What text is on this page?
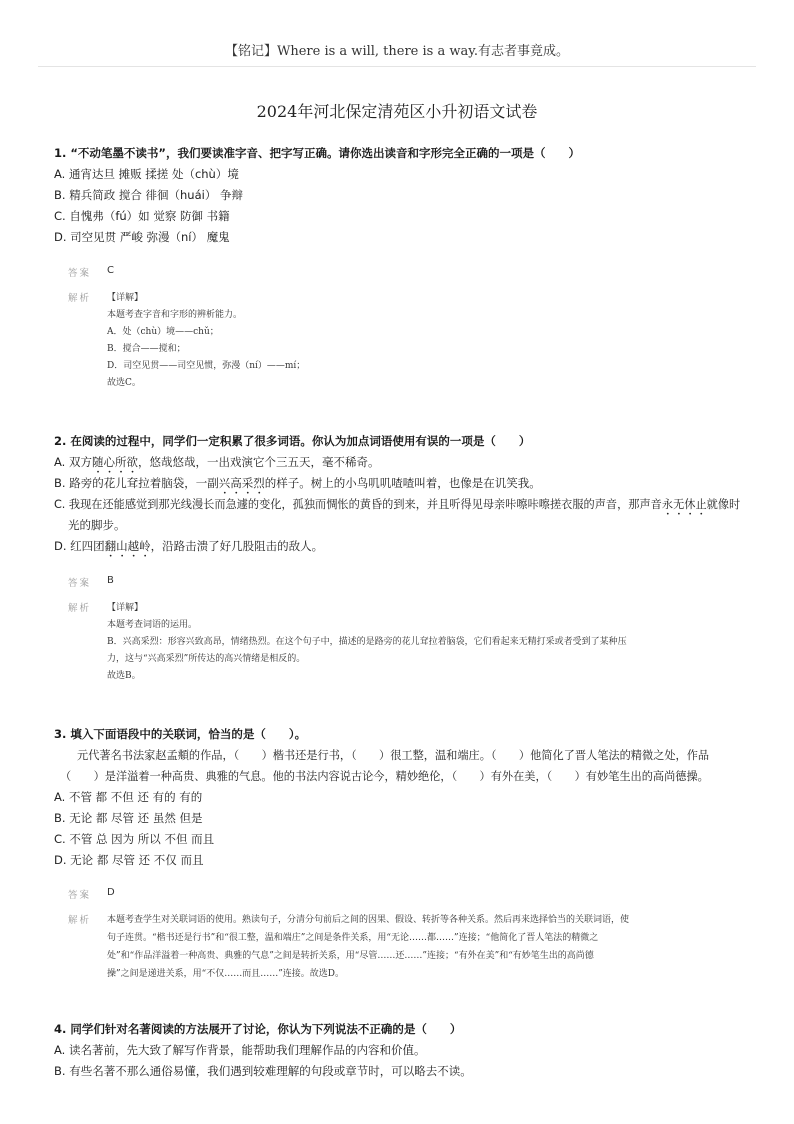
【铭记】Where is a will, there is a way.有志者事竟成。
2024年河北保定清苑区小升初语文试卷
1. “不动笔墨不读书”，我们要读准字音、把字写正确。请你选出读音和字形完全正确的一项是（　　）
A. 通宵达旦 摊贩 揉搓 处（chù）境
B. 精兵简政 搅合 徘徊（huái） 争辩
C. 自愧弗（fú）如 觉察 防御 书籍
D. 司空见贯 严峻 弥漫（ní） 魔鬼
答案 C
解析 【详解】
本题考查字音和字形的辨析能力。
A．处（chù）境——chǔ；
B．搅合——搅和；
D．司空见贯——司空见惯，弥漫（ní）——mí；
故选C。
2. 在阅读的过程中，同学们一定积累了很多词语。你认为加点词语使用有误的一项是（　　）
A. 双方随心所欲，悠哉悠哉，一出戏演它个三五天，毫不稀奇。
B. 路旁的花儿耷拉着脑袋，一副兴高采烈的样子。树上的小鸟叽叽喳喳叫着，也像是在讥笑我。
C. 我现在还能感觉到那光线漫长而急遽的变化，孤独而惆怅的黄昏的到来，并且听得见母亲咔嚓咔嚓搓衣服的声音，那声音永无休止就像时
光的脚步。
D. 红四团翻山越岭，沿路击溃了好几股阻击的敌人。
答案 B
解析 【详解】
本题考查词语的运用。
B．兴高采烈：形容兴致高昂，情绪热烈。在这个句子中，描述的是路旁的花儿耷拉着脑袋，它们看起来无精打采或者受到了某种压
力，这与“兴高采烈”所传达的高兴情绪是相反的。
故选B。
3. 填入下面语段中的关联词，恰当的是（　　）。
元代著名书法家赵孟頫的作品，（　　）楷书还是行书，（　　）很工整，温和端庄。（　　）他简化了晋人笔法的精微之处，作品
（　　）是洋溢着一种高贵、典雅的气息。他的书法内容说古论今，精妙绝伦，（　　）有外在美，（　　）有妙笔生出的高尚德操。
A. 不管 都 不但 还 有的 有的
B. 无论 都 尽管 还 虽然 但是
C. 不管 总 因为 所以 不但 而且
D. 无论 都 尽管 还 不仅 而且
答案 D
解析 本题考查学生对关联词语的使用。熟读句子，分清分句前后之间的因果、假设、转折等各种关系。然后再来选择恰当的关联词语，使
句子连贯。“楷书还是行书”和“很工整，温和端庄”之间是条件关系，用“无论……都……”连接；“他简化了晋人笔法的精微之
处”和“作品洋溢着一种高贵、典雅的气息”之间是转折关系，用“尽管……还……”连接；“有外在美”和“有妙笔生出的高尚德
操”之间是递进关系，用“不仅……而且……”连接。故选D。
4. 同学们针对名著阅读的方法展开了讨论，你认为下列说法不正确的是（　　）
A. 读名著前，先大致了解写作背景，能帮助我们理解作品的内容和价值。
B. 有些名著不那么通俗易懂，我们遇到较难理解的句段或章节时，可以略去不读。
